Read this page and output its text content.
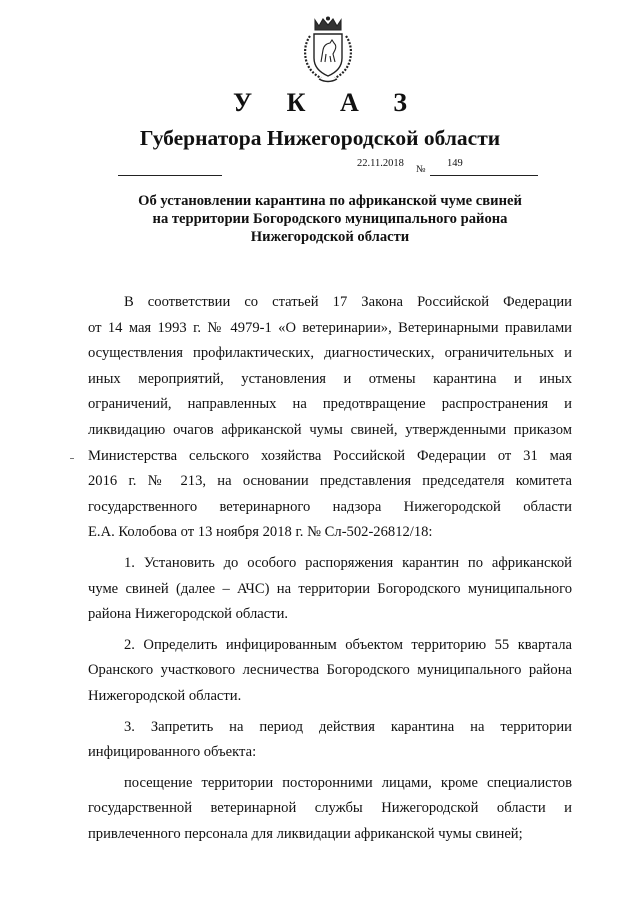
У К А З
Губернатора Нижегородской области
22.11.2018
№
149
Об установлении карантина по африканской чуме свиней
на территории Богородского муниципального района
Нижегородской области
В соответствии со статьей 17 Закона Российской Федерации
от 14 мая 1993 г. № 4979-1 «О ветеринарии», Ветеринарными правилами
осуществления профилактических, диагностических, ограничительных и
иных мероприятий, установления и отмены карантина и иных
ограничений, направленных на предотвращение распространения и
ликвидацию очагов африканской чумы свиней, утвержденными приказом
Министерства сельского хозяйства Российской Федерации от 31 мая
2016 г. № 213, на основании представления председателя комитета
государственного ветеринарного надзора Нижегородской области
Е.А. Колобова от 13 ноября 2018 г. № Сл-502-26812/18:
1. Установить до особого распоряжения карантин по африканской
чуме свиней (далее – АЧС) на территории Богородского муниципального
района Нижегородской области.
2. Определить инфицированным объектом территорию 55 квартала
Оранского участкового лесничества Богородского муниципального района
Нижегородской области.
3. Запретить на период действия карантина на территории
инфицированного объекта:
посещение территории посторонними лицами, кроме специалистов
государственной ветеринарной службы Нижегородской области и
привлеченного персонала для ликвидации африканской чумы свиней;
